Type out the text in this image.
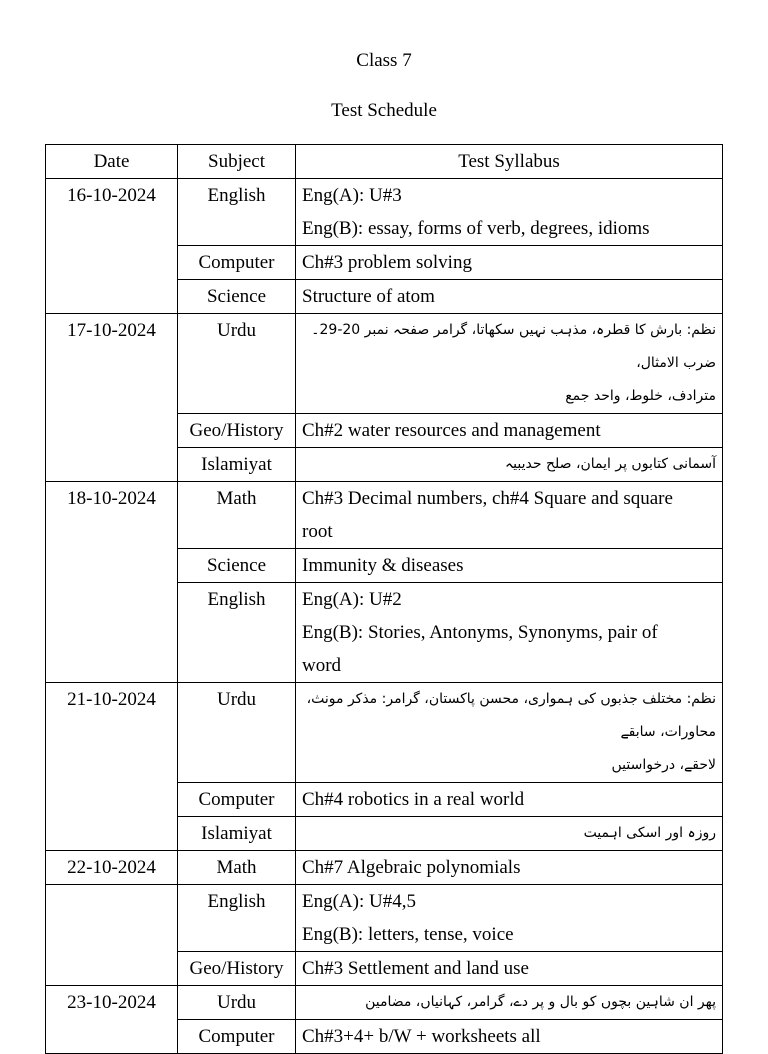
Class 7
Test Schedule
Date	Subject	Test Syllabus
16-10-2024	English	Eng(A): U#3
Eng(B): essay, forms of verb, degrees, idioms

	Computer	Ch#3 problem solving

	Science	Structure of atom

17-10-2024	Urdu	نظم: بارش کا قطرہ، مذہب نہیں سکھاتا، گرامر صفحہ نمبر 20-29۔ ضرب الامثال،
مترادف، خلوط، واحد جمع

	Geo/History	Ch#2 water resources and management

	Islamiyat	آسمانی کتابوں پر ایمان، صلح حدیبیہ

18-10-2024	Math	Ch#3 Decimal numbers, ch#4 Square and square
root

	Science	Immunity & diseases

	English	Eng(A): U#2
Eng(B): Stories, Antonyms, Synonyms, pair of
word

21-10-2024	Urdu	نظم: مختلف جذبوں کی ہمواری، محسن پاکستان، گرامر: مذکر مونث، محاورات، سابقے
لاحقے، درخواستیں

	Computer	Ch#4 robotics in a real world

	Islamiyat	روزہ اور اسکی اہمیت

22-10-2024	Math	Ch#7 Algebraic polynomials

	English	Eng(A): U#4,5
Eng(B): letters, tense, voice

	Geo/History	Ch#3 Settlement and land use

23-10-2024	Urdu	پھر ان شاہین بچوں کو بال و پر دے، گرامر، کہانیاں، مضامین

	Computer	Ch#3+4+ b/W + worksheets all
